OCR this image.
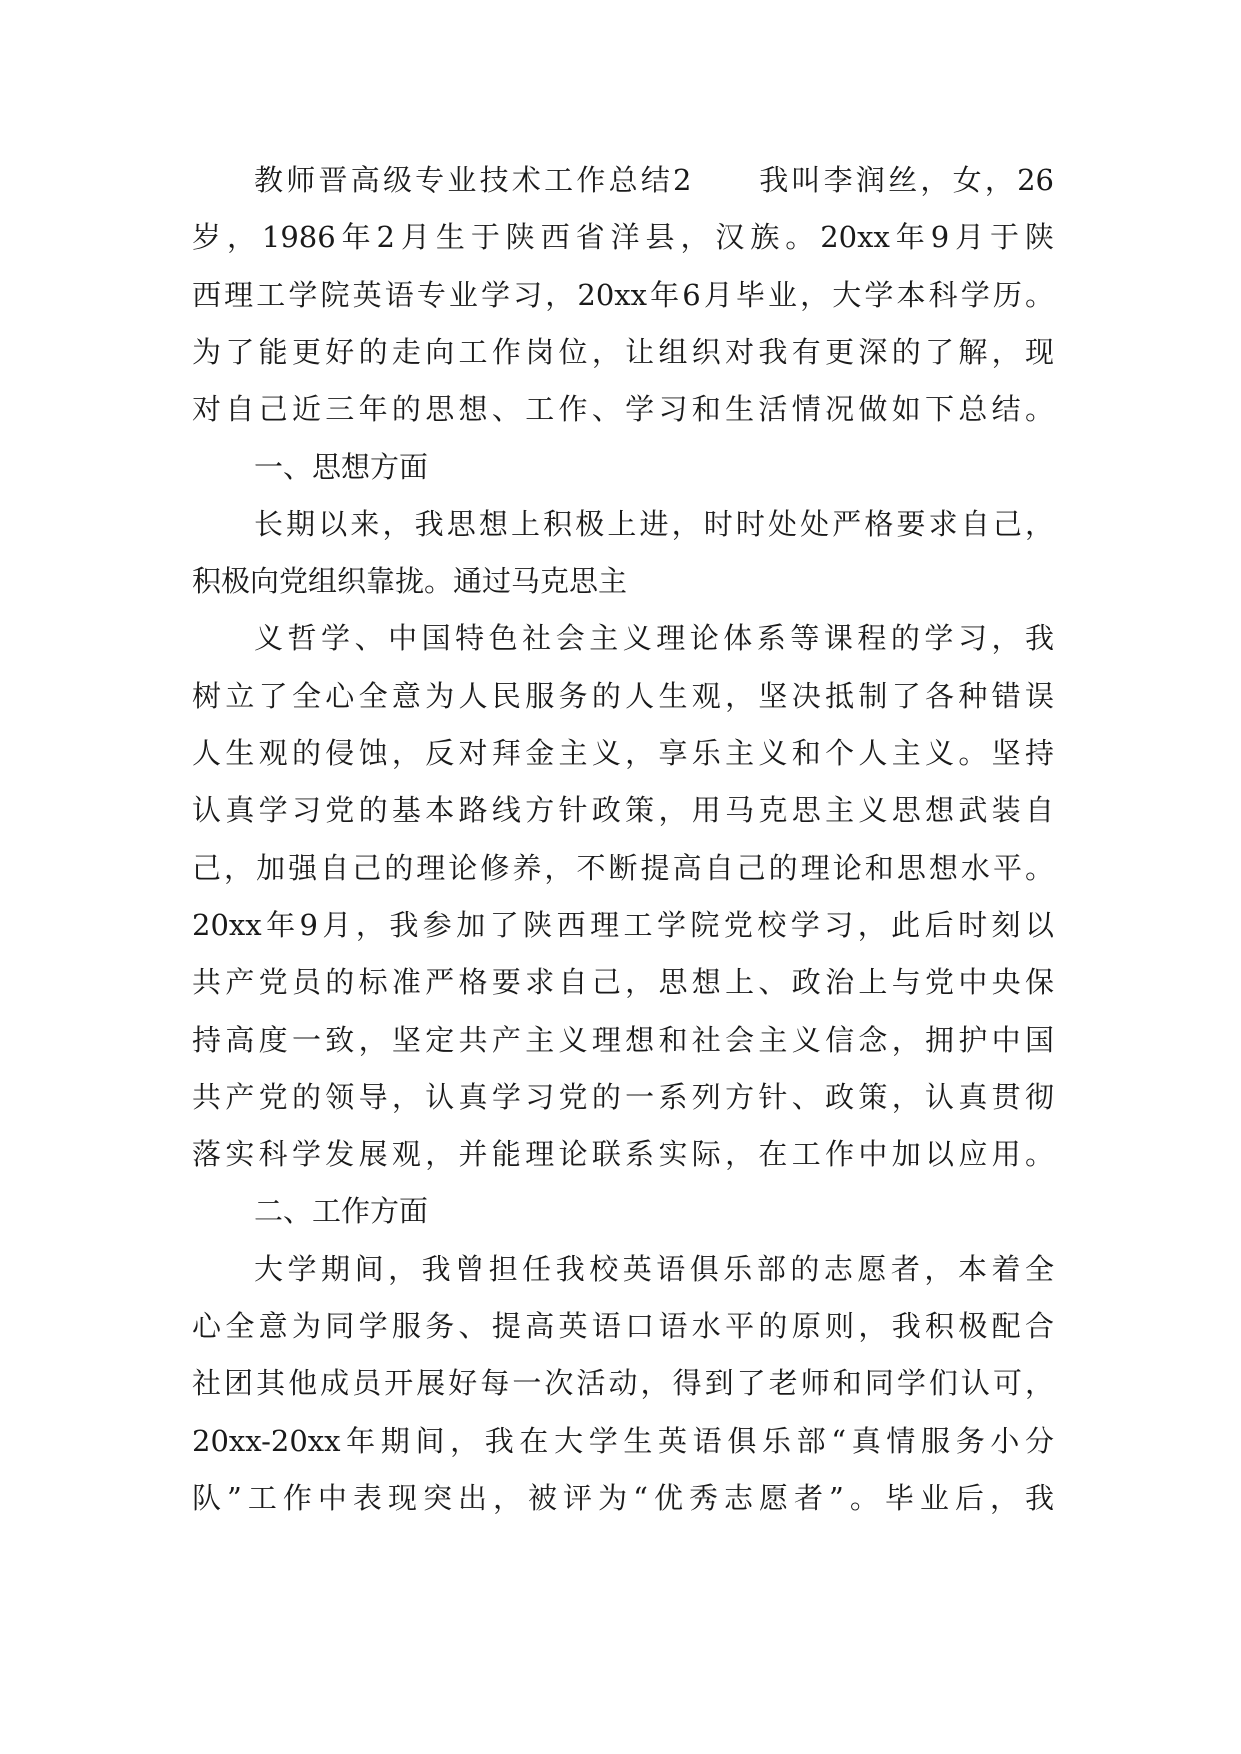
教师晋高级专业技术工作总结2　　我叫李润丝，女，26
岁，1986年2月生于陕西省洋县，汉族。20xx年9月于陕
西理工学院英语专业学习，20xx年6月毕业，大学本科学历。
为了能更好的走向工作岗位，让组织对我有更深的了解，现
对自己近三年的思想、工作、学习和生活情况做如下总结。
一、思想方面
长期以来，我思想上积极上进，时时处处严格要求自己，
积极向党组织靠拢。通过马克思主
义哲学、中国特色社会主义理论体系等课程的学习，我
树立了全心全意为人民服务的人生观，坚决抵制了各种错误
人生观的侵蚀，反对拜金主义，享乐主义和个人主义。坚持
认真学习党的基本路线方针政策，用马克思主义思想武装自
己，加强自己的理论修养，不断提高自己的理论和思想水平。
20xx年9月，我参加了陕西理工学院党校学习，此后时刻以
共产党员的标准严格要求自己，思想上、政治上与党中央保
持高度一致，坚定共产主义理想和社会主义信念，拥护中国
共产党的领导，认真学习党的一系列方针、政策，认真贯彻
落实科学发展观，并能理论联系实际，在工作中加以应用。
二、工作方面
大学期间，我曾担任我校英语俱乐部的志愿者，本着全
心全意为同学服务、提高英语口语水平的原则，我积极配合
社团其他成员开展好每一次活动，得到了老师和同学们认可，
20xx-20xx年期间，我在大学生英语俱乐部“真情服务小分
队”工作中表现突出，被评为“优秀志愿者”。毕业后，我
